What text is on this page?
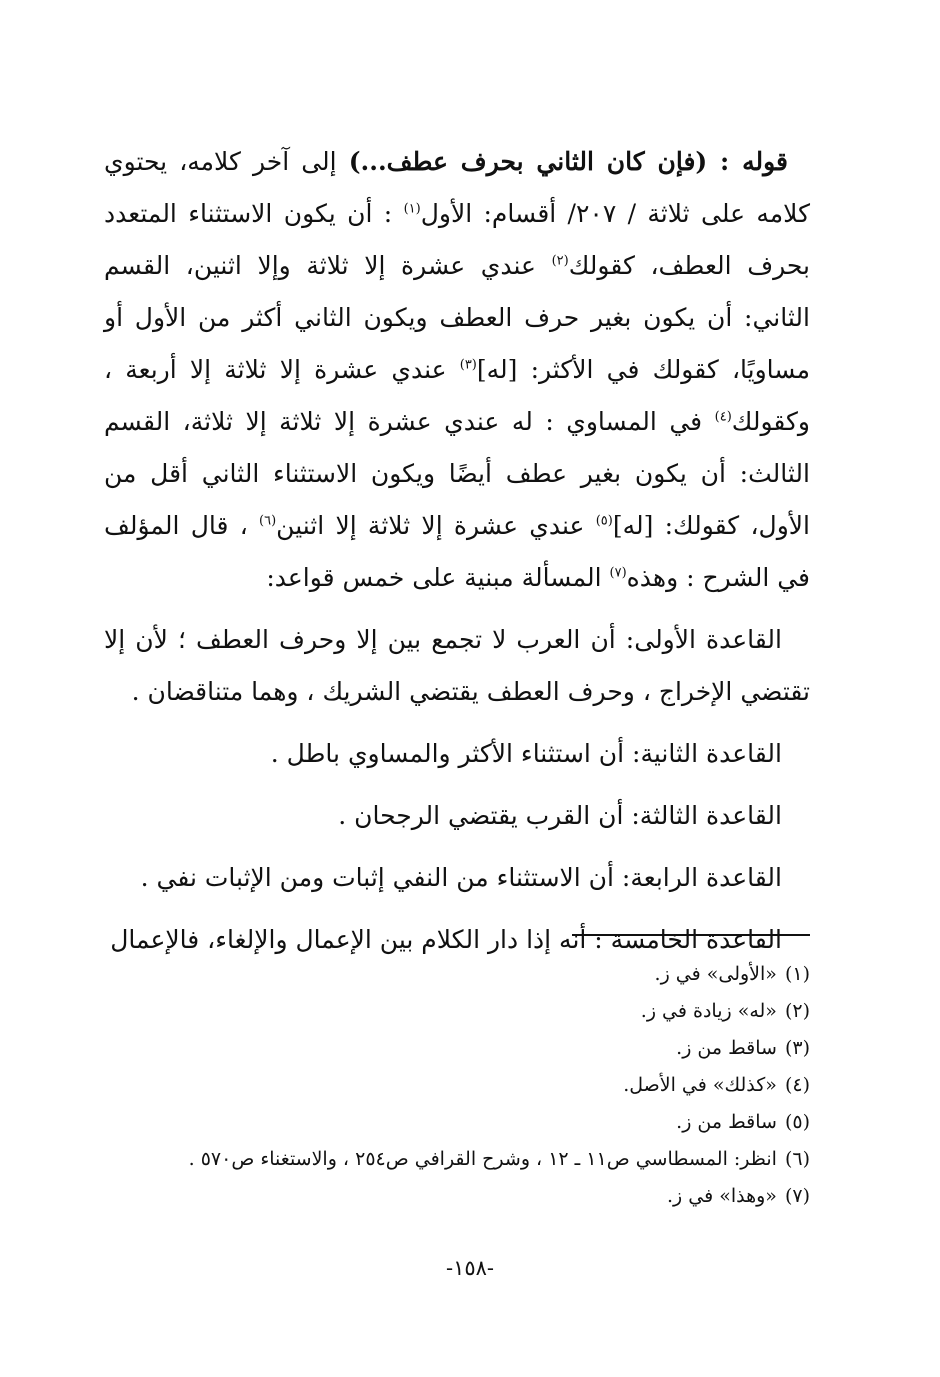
قوله : (فإن كان الثاني بحرف عطف...) إلى آخر كلامه، يحتوي كلامه على ثلاثة / ٢٠٧/ أقسام: الأول$^{(١)}$ : أن يكون الاستثناء المتعدد بحرف العطف، كقولك$^{(٢)}$ عندي عشرة إلا ثلاثة وإلا اثنين، القسم الثاني: أن يكون بغير حرف العطف ويكون الثاني أكثر من الأول أو مساويًا، كقولك في الأكثر: [له]$^{(٣)}$ عندي عشرة إلا ثلاثة إلا أربعة ، وكقولك$^{(٤)}$ في المساوي : له عندي عشرة إلا ثلاثة إلا ثلاثة، القسم الثالث: أن يكون بغير عطف أيضًا ويكون الاستثناء الثاني أقل من الأول، كقولك: [له]$^{(٥)}$ عندي عشرة إلا ثلاثة إلا اثنين$^{(٦)}$ ، قال المؤلف في الشرح : وهذه$^{(٧)}$ المسألة مبنية على خمس قواعد:

القاعدة الأولى: أن العرب لا تجمع بين إلا وحرف العطف ؛ لأن إلا تقتضي الإخراج ، وحرف العطف يقتضي الشريك ، وهما متناقضان .

القاعدة الثانية: أن استثناء الأكثر والمساوي باطل .

القاعدة الثالثة: أن القرب يقتضي الرجحان .

القاعدة الرابعة: أن الاستثناء من النفي إثبات ومن الإثبات نفي .

القاعدة الخامسة : أنه إذا دار الكلام بين الإعمال والإلغاء، فالإعمال

(١)«الأولى» في ز.
(٢)«له» زيادة في ز.
(٣)ساقط من ز.
(٤)«كذلك» في الأصل.
(٥)ساقط من ز.
(٦)انظر: المسطاسي ص١١ ـ ١٢ ، وشرح القرافي ص٢٥٤ ، والاستغناء ص٥٧٠ .
(٧)«وهذا» في ز.
-١٥٨-
